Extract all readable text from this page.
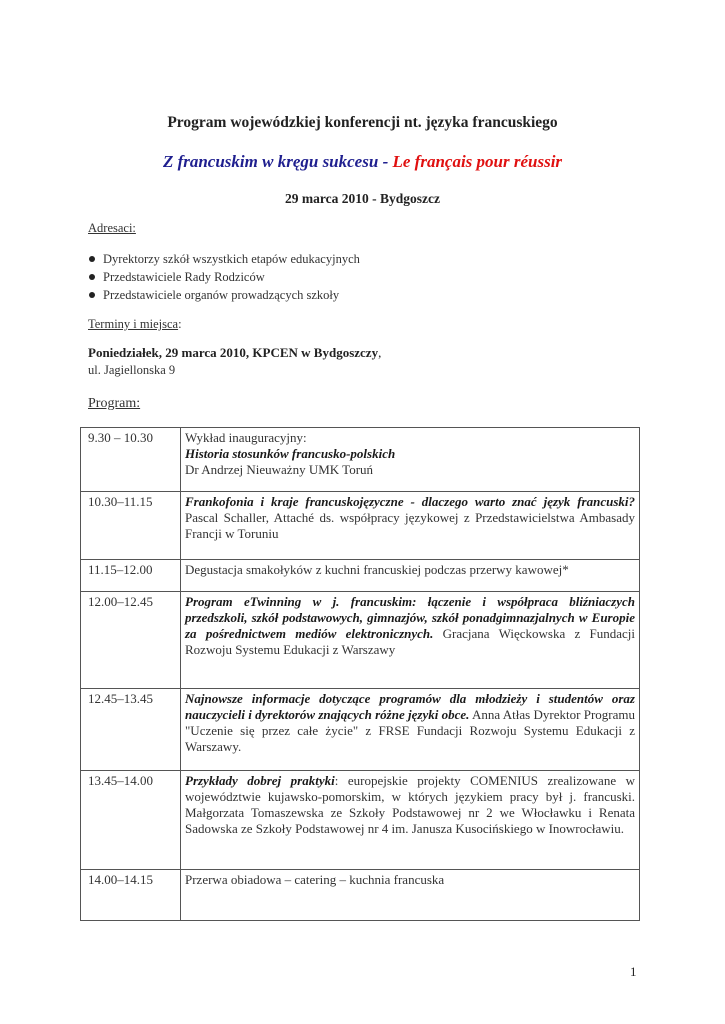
Program wojewódzkiej konferencji nt. języka francuskiego
Z francuskim w kręgu sukcesu - Le français pour réussir
29 marca 2010 - Bydgoszcz
Adresaci:
Dyrektorzy szkół wszystkich etapów edukacyjnych
Przedstawiciele Rady Rodziców
Przedstawiciele organów prowadzących szkoły
Terminy i miejsca:
Poniedziałek, 29 marca 2010, KPCEN w Bydgoszczy,
ul. Jagiellonska 9
Program:
9.30 – 10.30	Wykład inauguracyjny:
Historia stosunków francusko-polskich
Dr Andrzej Nieuważny UMK Toruń

10.30–11.15	Frankofonia i kraje francuskojęzyczne - dlaczego warto znać język francuski? Pascal Schaller, Attaché ds. współpracy językowej z Przedstawicielstwa Ambasady Francji w Toruniu
11.15–12.00	Degustacja smakołyków z kuchni francuskiej podczas przerwy kawowej*
12.00–12.45	Program eTwinning w j. francuskim: łączenie i współpraca bliźniaczych przedszkoli, szkół podstawowych, gimnazjów, szkół ponadgimnazjalnych w Europie za pośrednictwem mediów elektronicznych. Gracjana Więckowska z Fundacji Rozwoju Systemu Edukacji z Warszawy
12.45–13.45	Najnowsze informacje dotyczące programów dla młodzieży i studentów oraz nauczycieli i dyrektorów znających różne języki obce. Anna Atłas Dyrektor Programu "Uczenie się przez całe życie" z FRSE Fundacji Rozwoju Systemu Edukacji z Warszawy.
13.45–14.00	Przykłady dobrej praktyki: europejskie projekty COMENIUS zrealizowane w województwie kujawsko-pomorskim, w których językiem pracy był j. francuski. Małgorzata Tomaszewska ze Szkoły Podstawowej nr 2 we Włocławku i Renata Sadowska ze Szkoły Podstawowej nr 4 im. Janusza Kusocińskiego w Inowrocławiu.
14.00–14.15	Przerwa obiadowa – catering – kuchnia francuska
1
